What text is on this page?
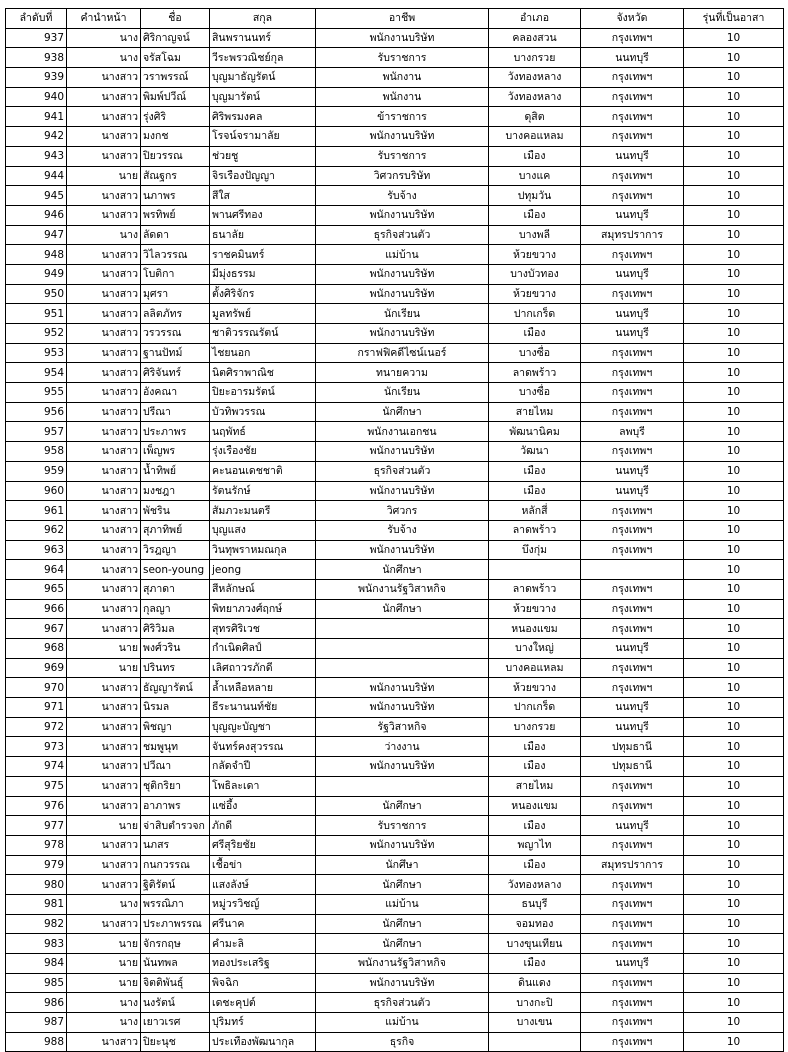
ลำดับที่	คำนำหน้า	ชื่อ	สกุล	อาชีพ	อำเภอ	จังหวัด	รุ่นที่เป็นอาสา
937	นาง	ศิริกาญจน์	สินพรานนทร์	พนักงานบริษัท	คลองสวน	กรุงเทพฯ	10
938	นาง	จรัสโฉม	วีระพรวณิชย์กุล	รับราชการ	บางกรวย	นนทบุรี	10
939	นางสาว	วราพรรณ์	บุญมาธัญรัตน์	พนักงาน	วังทองหลาง	กรุงเทพฯ	10
940	นางสาว	พิมพ์ปวีณ์	บุญมารัตน์	พนักงาน	วังทองหลาง	กรุงเทพฯ	10
941	นางสาว	รุ่งศิริ	ศิริพรมงคล	ข้าราชการ	ดุสิต	กรุงเทพฯ	10
942	นางสาว	มงกช	โรจน์จรามาลัย	พนักงานบริษัท	บางคอแหลม	กรุงเทพฯ	10
943	นางสาว	ปิยวรรณ	ช่วยชู	รับราชการ	เมือง	นนทบุรี	10
944	นาย	สัณฐกร	จิรเรืองปัญญา	วิศวกรบริษัท	บางแค	กรุงเทพฯ	10
945	นางสาว	นภาพร	สีใส	รับจ้าง	ปทุมวัน	กรุงเทพฯ	10
946	นางสาว	พรทิพย์	พานศรีทอง	พนักงานบริษัท	เมือง	นนทบุรี	10
947	นาง	ลัดดา	ธนาลัย	ธุรกิจส่วนตัว	บางพลี	สมุทรปราการ	10
948	นางสาว	วิไลวรรณ	ราชคมินทร์	แม่บ้าน	ห้วยขวาง	กรุงเทพฯ	10
949	นางสาว	โบติกา	มีมุ่งธรรม	พนักงานบริษัท	บางบัวทอง	นนทบุรี	10
950	นางสาว	มุศรา	ตั้งศิริจักร	พนักงานบริษัท	ห้วยขวาง	กรุงเทพฯ	10
951	นางสาว	ลลิตภัทร	มูลทรัพย์	นักเรียน	ปากเกร็ด	นนทบุรี	10
952	นางสาว	วรวรรณ	ชาติวรรณรัตน์	พนักงานบริษัท	เมือง	นนทบุรี	10
953	นางสาว	ฐานปัทม์	ไชยนอก	กราฟฟิคดีไซน์เนอร์	บางซื่อ	กรุงเทพฯ	10
954	นางสาว	ศิริจันทร์	นิตศิราพาณิช	ทนายความ	ลาดพร้าว	กรุงเทพฯ	10
955	นางสาว	อังคณา	ปิยะอารมรัตน์	นักเรียน	บางซื่อ	กรุงเทพฯ	10
956	นางสาว	ปรีณา	บัวทิพวรรณ	นักศึกษา	สายไหม	กรุงเทพฯ	10
957	นางสาว	ประภาพร	นฤพัทธ์	พนักงานเอกชน	พัฒนานิคม	ลพบุรี	10
958	นางสาว	เพ็ญพร	รุ่งเรืองชัย	พนักงานบริษัท	วัฒนา	กรุงเทพฯ	10
959	นางสาว	น้ำทิพย์	คะนอนเดชชาติ	ธุรกิจส่วนตัว	เมือง	นนทบุรี	10
960	นางสาว	มงชฎา	รัตนรักษ์	พนักงานบริษัท	เมือง	นนทบุรี	10
961	นางสาว	พัชริน	สัมภวะมนตรี	วิศวกร	หลักสี่	กรุงเทพฯ	10
962	นางสาว	สุภาทิพย์	บุญแสง	รับจ้าง	ลาดพร้าว	กรุงเทพฯ	10
963	นางสาว	วิรฎญา	วินทุพราหมณกุล	พนักงานบริษัท	บึงกุ่ม	กรุงเทพฯ	10
964	นางสาว	seon-young	jeong	นักศึกษา			10
965	นางสาว	สุภาดา	สีหลักษณ์	พนักงานรัฐวิสาหกิจ	ลาดพร้าว	กรุงเทพฯ	10
966	นางสาว	กุลญา	พิทยาภวงศ์ฤกษ์	นักศึกษา	ห้วยขวาง	กรุงเทพฯ	10
967	นางสาว	ศิริวิมล	สุทรศิริเวช		หนองแขม	กรุงเทพฯ	10
968	นาย	พงศ์วริน	กำเนิดศิลป์		บางใหญ่	นนทบุรี	10
969	นาย	ปรินทร	เลิศถาวรภักดี		บางคอแหลม	กรุงเทพฯ	10
970	นางสาว	ธัญญารัตน์	ล้ำเหลือหลาย	พนักงานบริษัท	ห้วยขวาง	กรุงเทพฯ	10
971	นางสาว	นิรมล	ธีระนานนท์ชัย	พนักงานบริษัท	ปากเกร็ด	นนทบุรี	10
972	นางสาว	พิชญา	บุญญะบัญชา	รัฐวิสาหกิจ	บางกรวย	นนทบุรี	10
973	นางสาว	ชมพูนุท	จันทร์คงสุวรรณ	ว่างงาน	เมือง	ปทุมธานี	10
974	นางสาว	ปวีณา	กลัดจำปี	พนักงานบริษัท	เมือง	ปทุมธานี	10
975	นางสาว	ชุติกริยา	โพธิละเดา		สายไหม	กรุงเทพฯ	10
976	นางสาว	อาภาพร	แซ่อึ้ง	นักศึกษา	หนองแขม	กรุงเทพฯ	10
977	นาย	จ่าสิบตำรวจก	ภักดี	รับราชการ	เมือง	นนทบุรี	10
978	นางสาว	นภสร	ศรีสุริยชัย	พนักงานบริษัท	พญาไท	กรุงเทพฯ	10
979	นางสาว	กนกวรรณ	เชื้อข่า	นักศึษา	เมือง	สมุทรปราการ	10
980	นางสาว	ฐิติรัตน์	แสงลังษ์	นักศึกษา	วังทองหลาง	กรุงเทพฯ	10
981	นาง	พรรณิภา	หมู่วรวิชญ์	แม่บ้าน	ธนบุรี	กรุงเทพฯ	10
982	นางสาว	ประภาพรรณ	ศรีนาค	นักศึกษา	จอมทอง	กรุงเทพฯ	10
983	นาย	จักรกฤษ	คำมะลิ	นักศึกษา	บางขุนเทียน	กรุงเทพฯ	10
984	นาย	นันทพล	ทองประเสริฐ	พนักงานรัฐวิสาหกิจ	เมือง	นนทบุรี	10
985	นาย	จิตติพันธุ์	พิจฉิก	พนักงานบริษัท	ดินแดง	กรุงเทพฯ	10
986	นาง	นงรัตน์	เดชะคุปต์	ธุรกิจส่วนตัว	บางกะปิ	กรุงเทพฯ	10
987	นาง	เยาวเรศ	ปุริมทร์	แม่บ้าน	บางเขน	กรุงเทพฯ	10
988	นางสาว	ปิยะนุช	ประเทืองพัฒนากุล	ธุรกิจ		กรุงเทพฯ	10
